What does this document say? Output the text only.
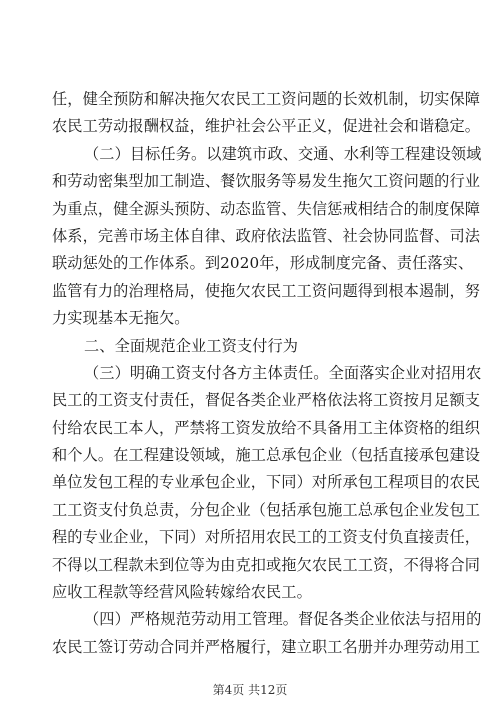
任，健全预防和解决拖欠农民工工资问题的长效机制，切实保障
农民工劳动报酬权益，维护社会公平正义，促进社会和谐稳定。
（二）目标任务。以建筑市政、交通、水利等工程建设领域
和劳动密集型加工制造、餐饮服务等易发生拖欠工资问题的行业
为重点，健全源头预防、动态监管、失信惩戒相结合的制度保障
体系，完善市场主体自律、政府依法监管、社会协同监督、司法
联动惩处的工作体系。到2020年，形成制度完备、责任落实、
监管有力的治理格局，使拖欠农民工工资问题得到根本遏制，努
力实现基本无拖欠。
二、全面规范企业工资支付行为
（三）明确工资支付各方主体责任。全面落实企业对招用农
民工的工资支付责任，督促各类企业严格依法将工资按月足额支
付给农民工本人，严禁将工资发放给不具备用工主体资格的组织
和个人。在工程建设领域，施工总承包企业（包括直接承包建设
单位发包工程的专业承包企业，下同）对所承包工程项目的农民
工工资支付负总责，分包企业（包括承包施工总承包企业发包工
程的专业企业，下同）对所招用农民工的工资支付负直接责任，
不得以工程款未到位等为由克扣或拖欠农民工工资，不得将合同
应收工程款等经营风险转嫁给农民工。
（四）严格规范劳动用工管理。督促各类企业依法与招用的
农民工签订劳动合同并严格履行，建立职工名册并办理劳动用工
第4页 共12页
